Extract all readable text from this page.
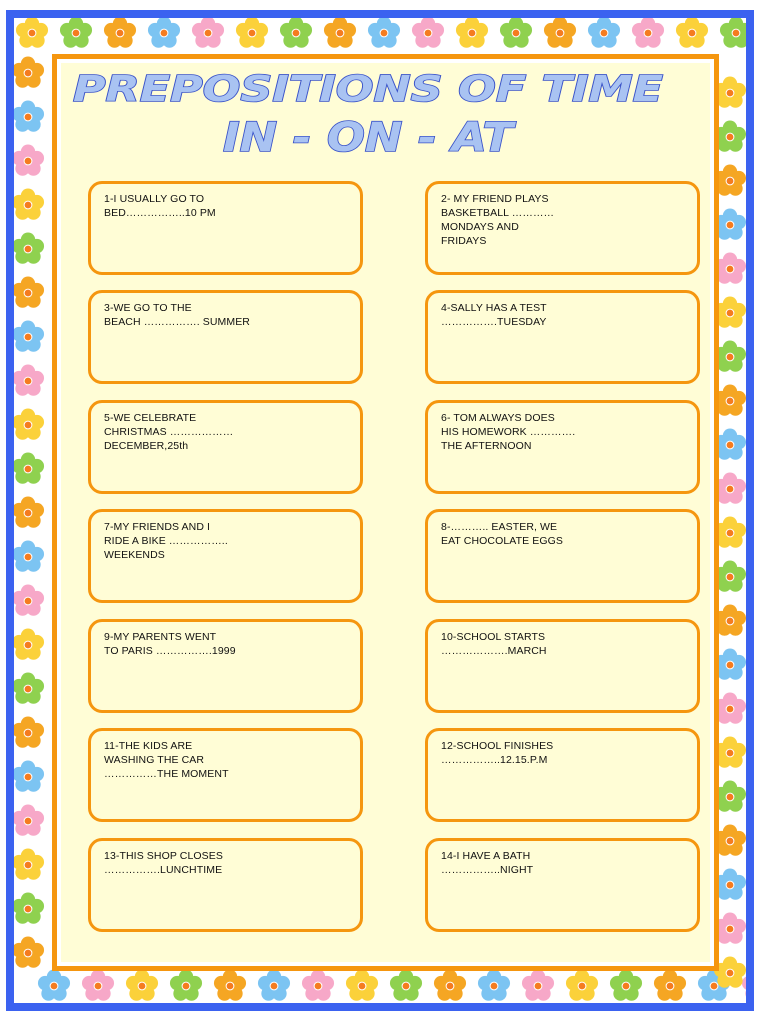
PREPOSITIONS OF TIME
IN - ON - AT

1-I USUALLY GO TO
BED……………..10 PM

2- MY FRIEND PLAYS
BASKETBALL …………
MONDAYS AND
FRIDAYS

3-WE GO TO THE
BEACH ……………. SUMMER

4-SALLY HAS A TEST
…………….TUESDAY

5-WE CELEBRATE
CHRISTMAS ………………
DECEMBER,25th

6- TOM ALWAYS DOES
HIS HOMEWORK ………….
THE AFTERNOON

7-MY FRIENDS AND I
RIDE A BIKE ……………..
WEEKENDS

8-……….. EASTER, WE
EAT CHOCOLATE EGGS

9-MY PARENTS WENT
TO PARIS …………….1999

10-SCHOOL STARTS
……………….MARCH

11-THE KIDS ARE
WASHING THE CAR
……………THE MOMENT

12-SCHOOL FINISHES
……………..12.15.P.M

13-THIS SHOP CLOSES
…………….LUNCHTIME

14-I HAVE A BATH
……………..NIGHT
